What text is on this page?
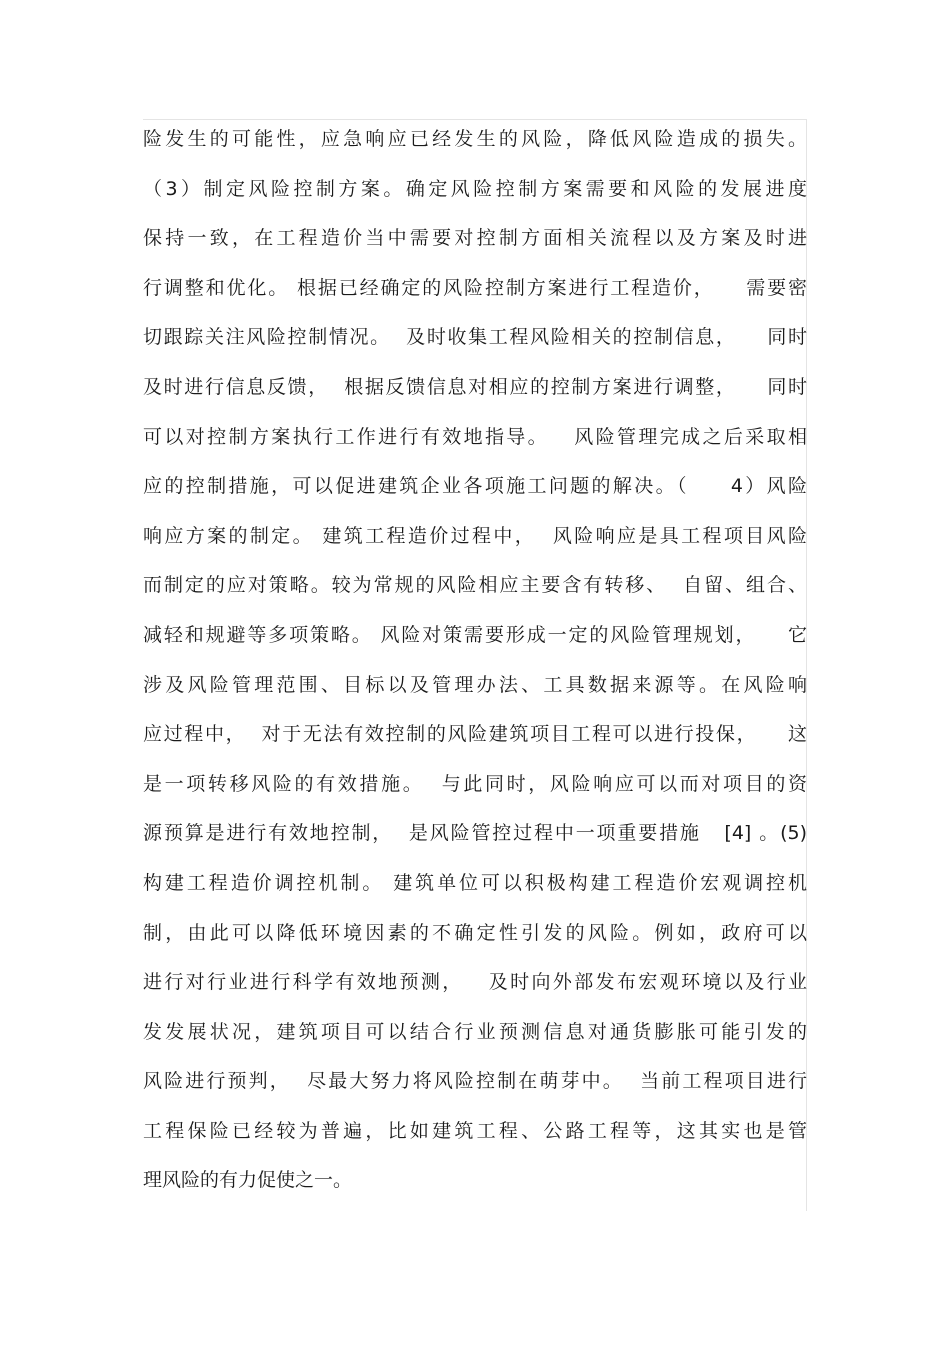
险发生的可能性，应急响应已经发生的风险，降低风险造成的损失。
（3）制定风险控制方案。确定风险控制方案需要和风险的发展进度
保持一致，在工程造价当中需要对控制方面相关流程以及方案及时进
行调整和优化。 根据已经确定的风险控制方案进行工程造价，    需要密
切跟踪关注风险控制情况。  及时收集工程风险相关的控制信息，    同时
及时进行信息反馈，  根据反馈信息对相应的控制方案进行调整，    同时
可以对控制方案执行工作进行有效地指导。   风险管理完成之后采取相
应的控制措施，可以促进建筑企业各项施工问题的解决。（     4）风险
响应方案的制定。 建筑工程造价过程中，  风险响应是具工程项目风险
而制定的应对策略。较为常规的风险相应主要含有转移、  自留、组合、
减轻和规避等多项策略。 风险对策需要形成一定的风险管理规划，    它
涉及风险管理范围、目标以及管理办法、工具数据来源等。在风险响
应过程中，  对于无法有效控制的风险建筑项目工程可以进行投保，    这
是一项转移风险的有效措施。  与此同时，风险响应可以而对项目的资
源预算是进行有效地控制，  是风险管控过程中一项重要措施   [4] 。(5)
构建工程造价调控机制。 建筑单位可以积极构建工程造价宏观调控机
制，由此可以降低环境因素的不确定性引发的风险。例如，政府可以
进行对行业进行科学有效地预测，   及时向外部发布宏观环境以及行业
发发展状况，建筑项目可以结合行业预测信息对通货膨胀可能引发的
风险进行预判，  尽最大努力将风险控制在萌芽中。  当前工程项目进行
工程保险已经较为普遍，比如建筑工程、公路工程等，这其实也是管
理风险的有力促使之一。
